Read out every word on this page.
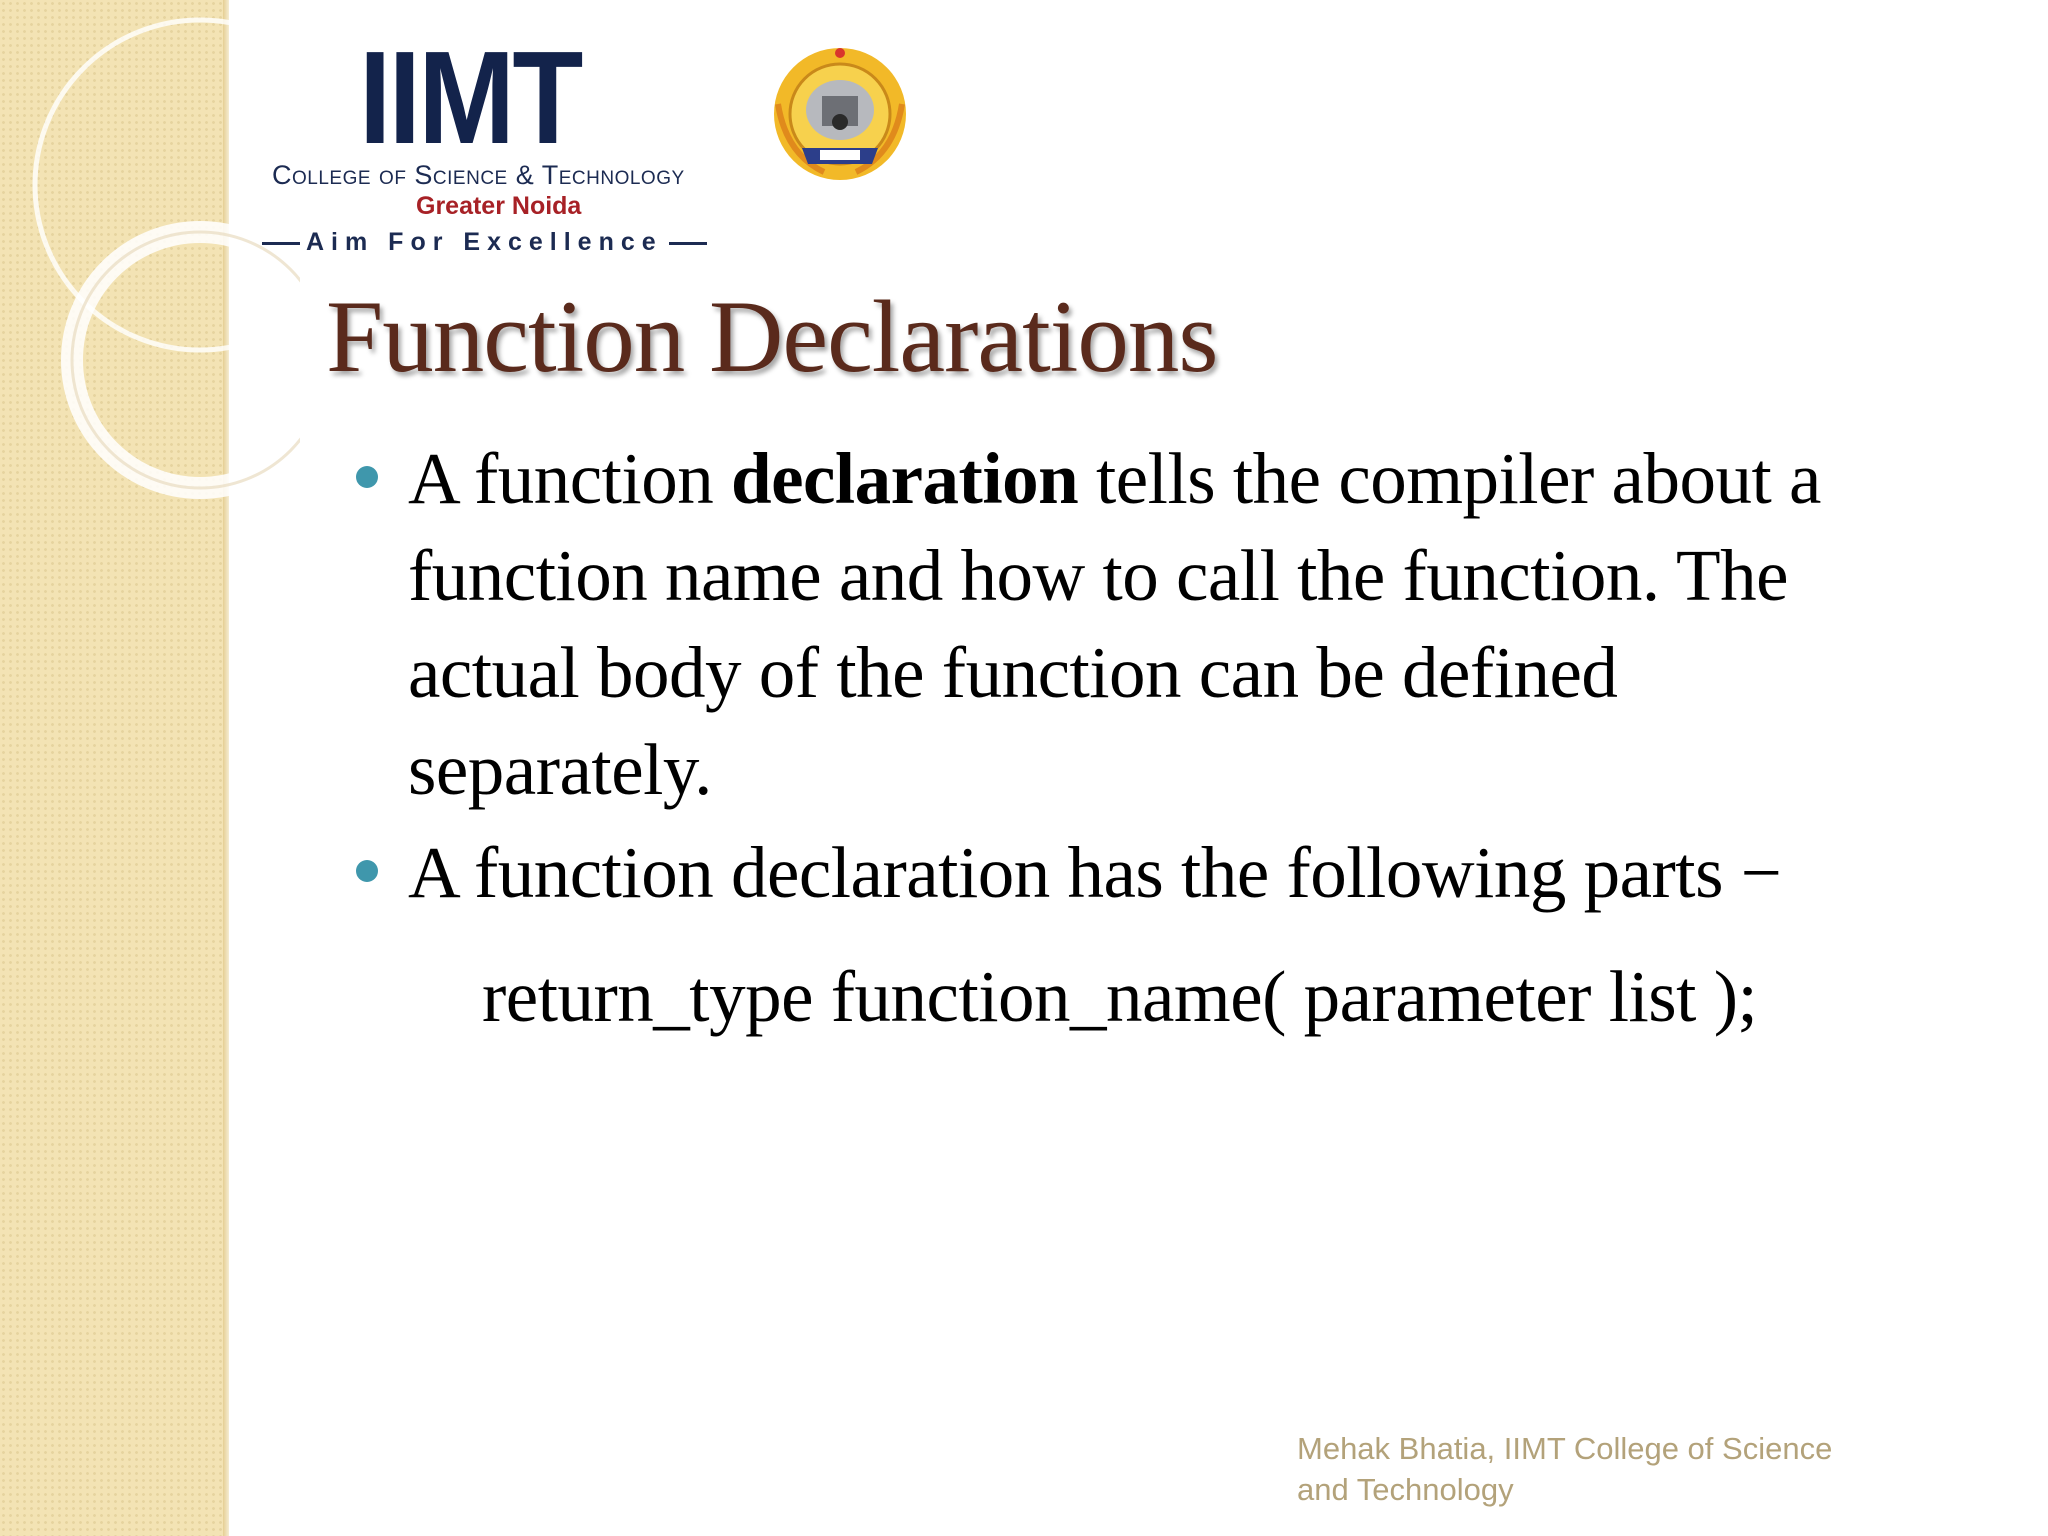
IIMT
College of Science & Technology
Greater Noida
Aim For Excellence
Function Declarations
A function declaration tells the compiler about a
function name and how to call the function. The
actual body of the function can be defined
separately.
A function declaration has the following parts −
return_type function_name( parameter list );
Mehak Bhatia, IIMT College of Science
and Technology
